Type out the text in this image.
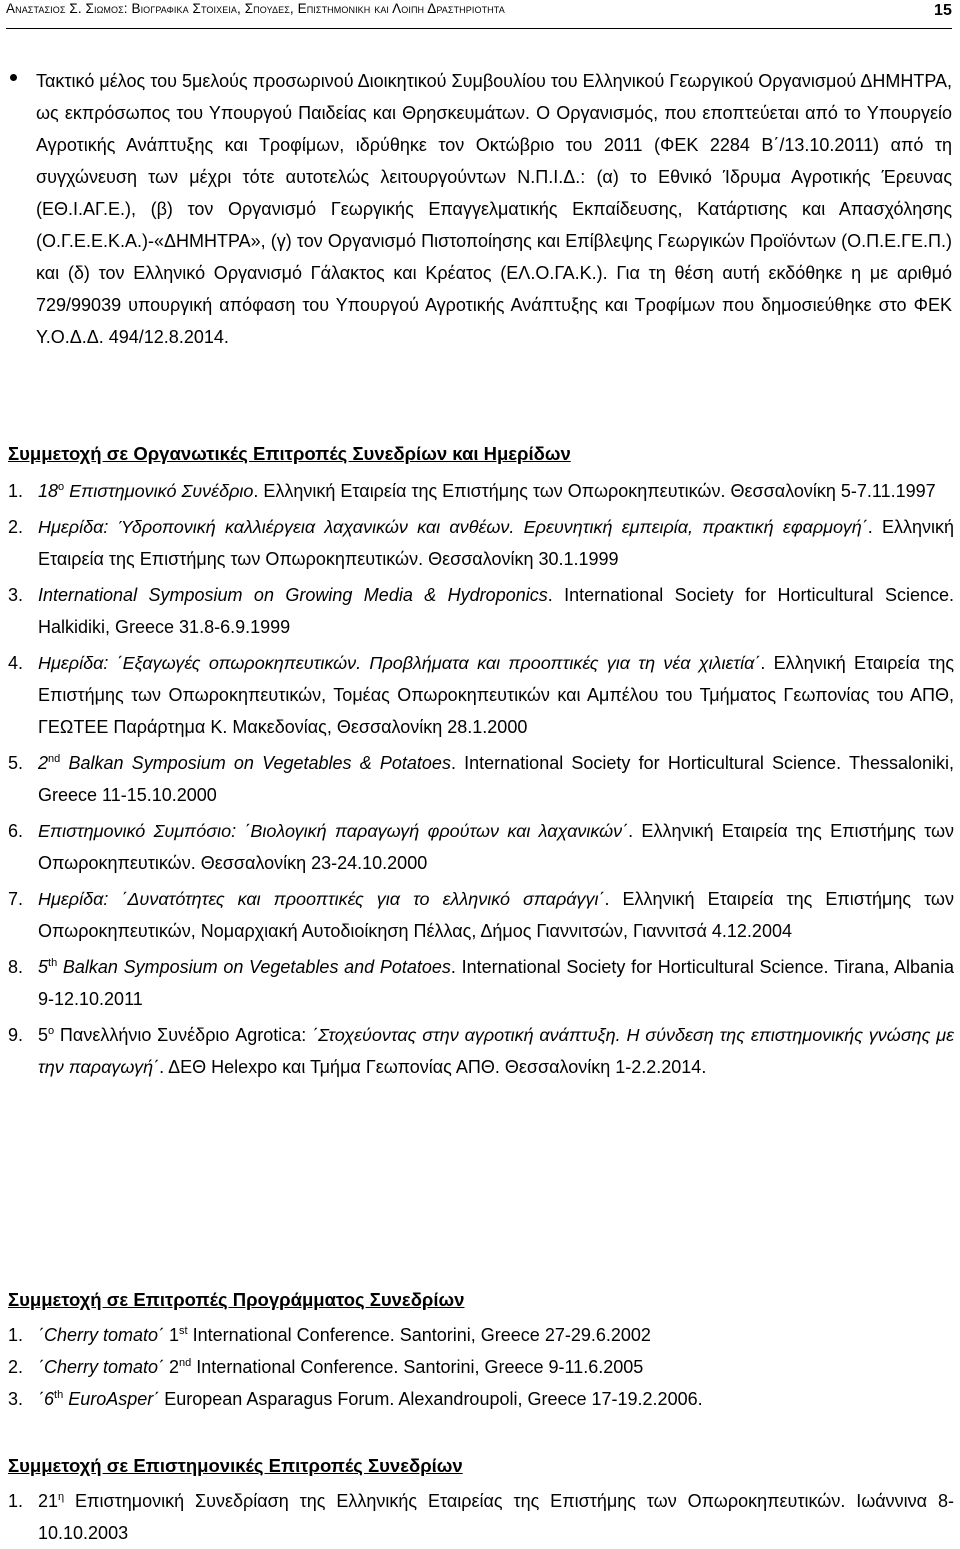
Αναστασιος Σ. Σιωμος: Βιογραφικα Στοιχεια, Σπουδες, Επιστημονικη και Λοιπη Δραστηριοτητα	15
Τακτικό μέλος του 5μελούς προσωρινού Διοικητικού Συμβουλίου του Ελληνικού Γεωργικού Οργανισμού ΔΗΜΗΤΡΑ, ως εκπρόσωπος του Υπουργού Παιδείας και Θρησκευμάτων. Ο Οργανισμός, που εποπτεύεται από το Υπουργείο Αγροτικής Ανάπτυξης και Τροφίμων, ιδρύθηκε τον Οκτώβριο του 2011 (ΦΕΚ 2284 Β΄/13.10.2011) από τη συγχώνευση των μέχρι τότε αυτοτελώς λειτουργούντων Ν.Π.Ι.Δ.: (α) το Εθνικό Ίδρυμα Αγροτικής Έρευνας (ΕΘ.Ι.ΑΓ.Ε.), (β) τον Οργανισμό Γεωργικής Επαγγελματικής Εκπαίδευσης, Κατάρτισης και Απασχόλησης (Ο.Γ.Ε.Ε.Κ.Α.)-«ΔΗΜΗΤΡΑ», (γ) τον Οργανισμό Πιστοποίησης και Επίβλεψης Γεωργικών Προϊόντων (Ο.Π.Ε.ΓΕ.Π.) και (δ) τον Ελληνικό Οργανισμό Γάλακτος και Κρέατος (ΕΛ.Ο.ΓΑ.Κ.). Για τη θέση αυτή εκδόθηκε η με αριθμό 729/99039 υπουργική απόφαση του Υπουργού Αγροτικής Ανάπτυξης και Τροφίμων που δημοσιεύθηκε στο ΦΕΚ Υ.Ο.Δ.Δ. 494/12.8.2014.
Συμμετοχή σε Οργανωτικές Επιτροπές Συνεδρίων και Ημερίδων
1. $18^o$ Επιστημονικό Συνέδριο. Ελληνική Εταιρεία της Επιστήμης των Οπωροκηπευτικών. Θεσσαλονίκη 5-7.11.1997
2. Ημερίδα: Ύδροπονική καλλιέργεια λαχανικών και ανθέων. Ερευνητική εμπειρία, πρακτική εφαρμογή΄. Ελληνική Εταιρεία της Επιστήμης των Οπωροκηπευτικών. Θεσσαλονίκη 30.1.1999
3. International Symposium on Growing Media & Hydroponics. International Society for Horticultural Science. Halkidiki, Greece 31.8-6.9.1999
4. Ημερίδα: ΄Εξαγωγές οπωροκηπευτικών. Προβλήματα και προοπτικές για τη νέα χιλιετία΄. Ελληνική Εταιρεία της Επιστήμης των Οπωροκηπευτικών, Τομέας Οπωροκηπευτικών και Αμπέλου του Τμήματος Γεωπονίας του ΑΠΘ, ΓΕΩΤΕΕ Παράρτημα Κ. Μακεδονίας, Θεσσαλονίκη 28.1.2000
5. 2nd Balkan Symposium on Vegetables & Potatoes. International Society for Horticultural Science. Thessaloniki, Greece 11-15.10.2000
6. Επιστημονικό Συμπόσιο: ΄Βιολογική παραγωγή φρούτων και λαχανικών΄. Ελληνική Εταιρεία της Επιστήμης των Οπωροκηπευτικών. Θεσσαλονίκη 23-24.10.2000
7. Ημερίδα: ΄Δυνατότητες και προοπτικές για το ελληνικό σπαράγγι΄. Ελληνική Εταιρεία της Επιστήμης των Οπωροκηπευτικών, Νομαρχιακή Αυτοδιοίκηση Πέλλας, Δήμος Γιαννιτσών, Γιαννιτσά 4.12.2004
8. 5th Balkan Symposium on Vegetables and Potatoes. International Society for Horticultural Science. Tirana, Albania 9-12.10.2011
9. $5^o$ Πανελλήνιο Συνέδριο Agrotica: ΄Στοχεύοντας στην αγροτική ανάπτυξη. Η σύνδεση της επιστημονικής γνώσης με την παραγωγή΄. ΔΕΘ Helexpo και Τμήμα Γεωπονίας ΑΠΘ. Θεσσαλονίκη 1-2.2.2014.
Συμμετοχή σε Επιτροπές Προγράμματος Συνεδρίων
1. ΄Cherry tomato΄ 1st International Conference. Santorini, Greece 27-29.6.2002
2. ΄Cherry tomato΄ 2nd International Conference. Santorini, Greece 9-11.6.2005
3. ΄6th EuroAsper΄ European Asparagus Forum. Alexandroupoli, Greece 17-19.2.2006.
Συμμετοχή σε Επιστημονικές Επιτροπές Συνεδρίων
1. $21^\eta$ Επιστημονική Συνεδρίαση της Ελληνικής Εταιρείας της Επιστήμης των Οπωροκηπευτικών. Ιωάννινα 8-10.10.2003
